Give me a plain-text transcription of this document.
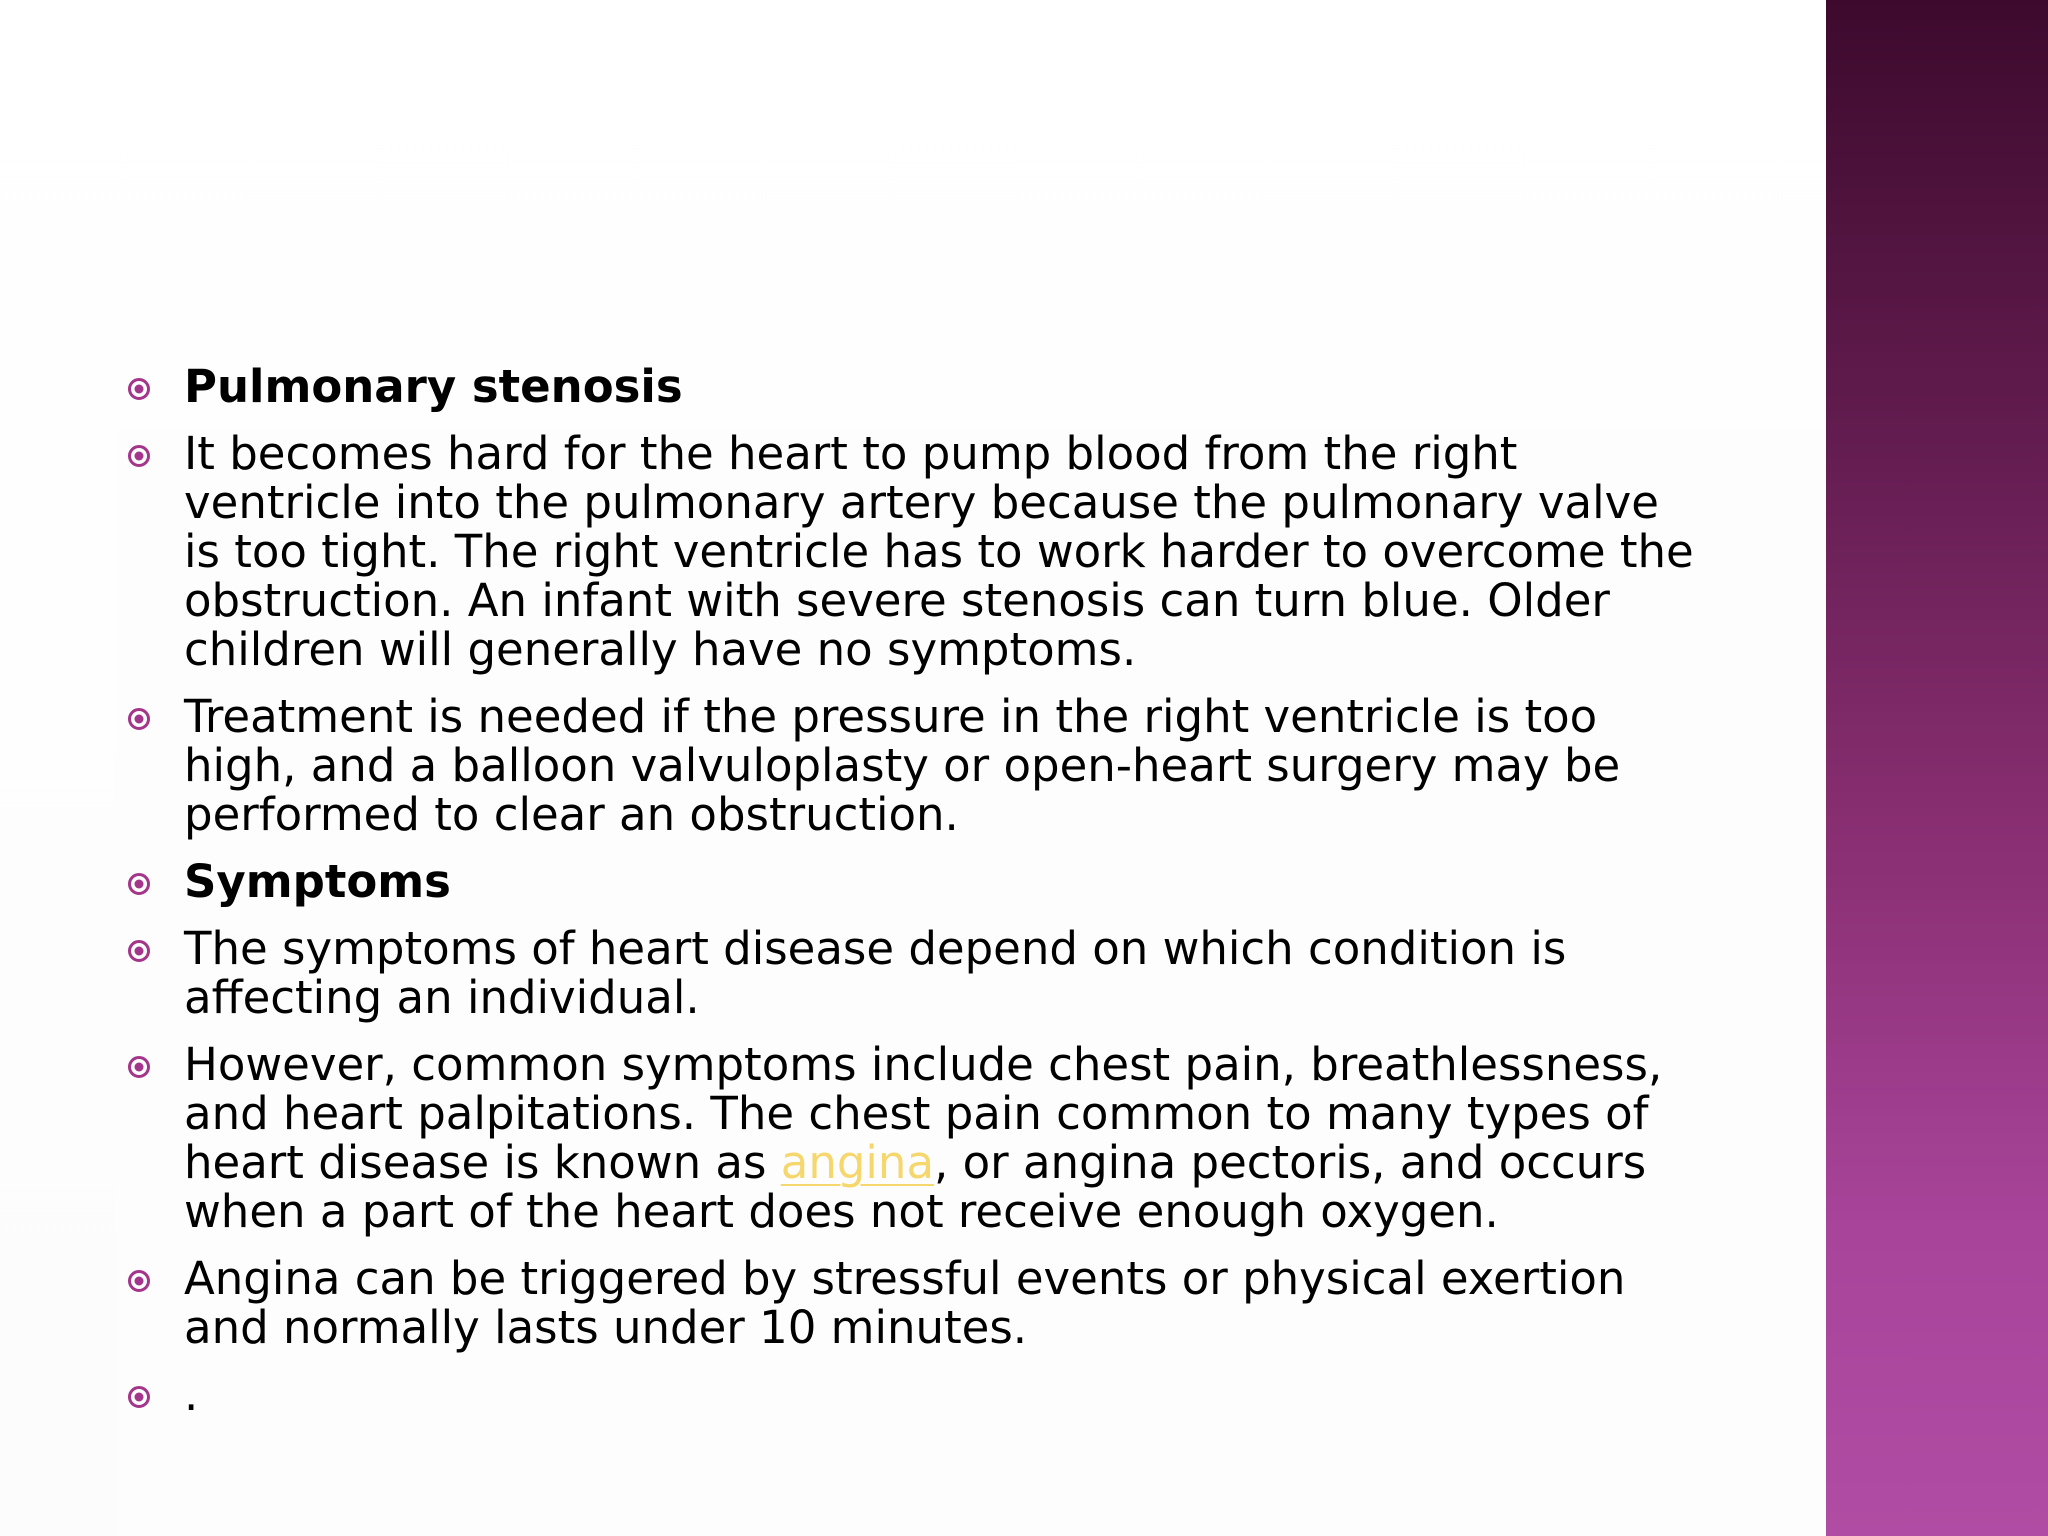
Pulmonary stenosis
It becomes hard for the heart to pump blood from the right ventricle into the pulmonary artery because the pulmonary valve is too tight. The right ventricle has to work harder to overcome the obstruction. An infant with severe stenosis can turn blue. Older children will generally have no symptoms.
Treatment is needed if the pressure in the right ventricle is too high, and a balloon valvuloplasty or open-heart surgery may be performed to clear an obstruction.
Symptoms
The symptoms of heart disease depend on which condition is affecting an individual.
However, common symptoms include chest pain, breathlessness, and heart palpitations. The chest pain common to many types of heart disease is known as angina, or angina pectoris, and occurs when a part of the heart does not receive enough oxygen.
Angina can be triggered by stressful events or physical exertion and normally lasts under 10 minutes.
.
